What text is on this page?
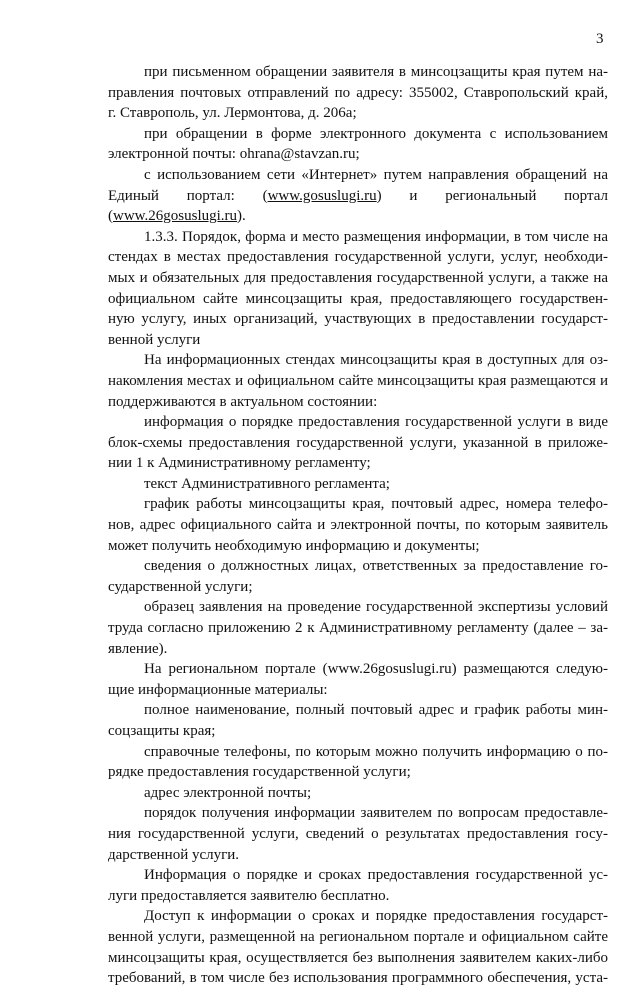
3
при письменном обращении заявителя в минсоцзащиты края путем на-
правления почтовых отправлений по адресу: 355002, Ставропольский край,
г. Ставрополь, ул. Лермонтова, д. 206а;
при обращении в форме электронного документа с использованием
электронной почты: ohrana@stavzan.ru;
с использованием сети «Интернет» путем направления обращений на
Единый портал: (www.gosuslugi.ru) и региональный портал
(www.26gosuslugi.ru).
1.3.3. Порядок, форма и место размещения информации, в том числе на
стендах в местах предоставления государственной услуги, услуг, необходи-
мых и обязательных для предоставления государственной услуги, а также на
официальном сайте минсоцзащиты края, предоставляющего государствен-
ную услугу, иных организаций, участвующих в предоставлении государст-
венной услуги
На информационных стендах минсоцзащиты края в доступных для оз-
накомления местах и официальном сайте минсоцзащиты края размещаются и
поддерживаются в актуальном состоянии:
информация о порядке предоставления государственной услуги в виде
блок-схемы предоставления государственной услуги, указанной в приложе-
нии 1 к Административному регламенту;
текст Административного регламента;
график работы минсоцзащиты края, почтовый адрес, номера телефо-
нов, адрес официального сайта и электронной почты, по которым заявитель
может получить необходимую информацию и документы;
сведения о должностных лицах, ответственных за предоставление го-
сударственной услуги;
образец заявления на проведение государственной экспертизы условий
труда согласно приложению 2 к Административному регламенту (далее – за-
явление).
На региональном портале (www.26gosuslugi.ru) размещаются следую-
щие информационные материалы:
полное наименование, полный почтовый адрес и график работы мин-
соцзащиты края;
справочные телефоны, по которым можно получить информацию о по-
рядке предоставления государственной услуги;
адрес электронной почты;
порядок получения информации заявителем по вопросам предоставле-
ния государственной услуги, сведений о результатах предоставления госу-
дарственной услуги.
Информация о порядке и сроках предоставления государственной ус-
луги предоставляется заявителю бесплатно.
Доступ к информации о сроках и порядке предоставления государст-
венной услуги, размещенной на региональном портале и официальном сайте
минсоцзащиты края, осуществляется без выполнения заявителем каких-либо
требований, в том числе без использования программного обеспечения, уста-
